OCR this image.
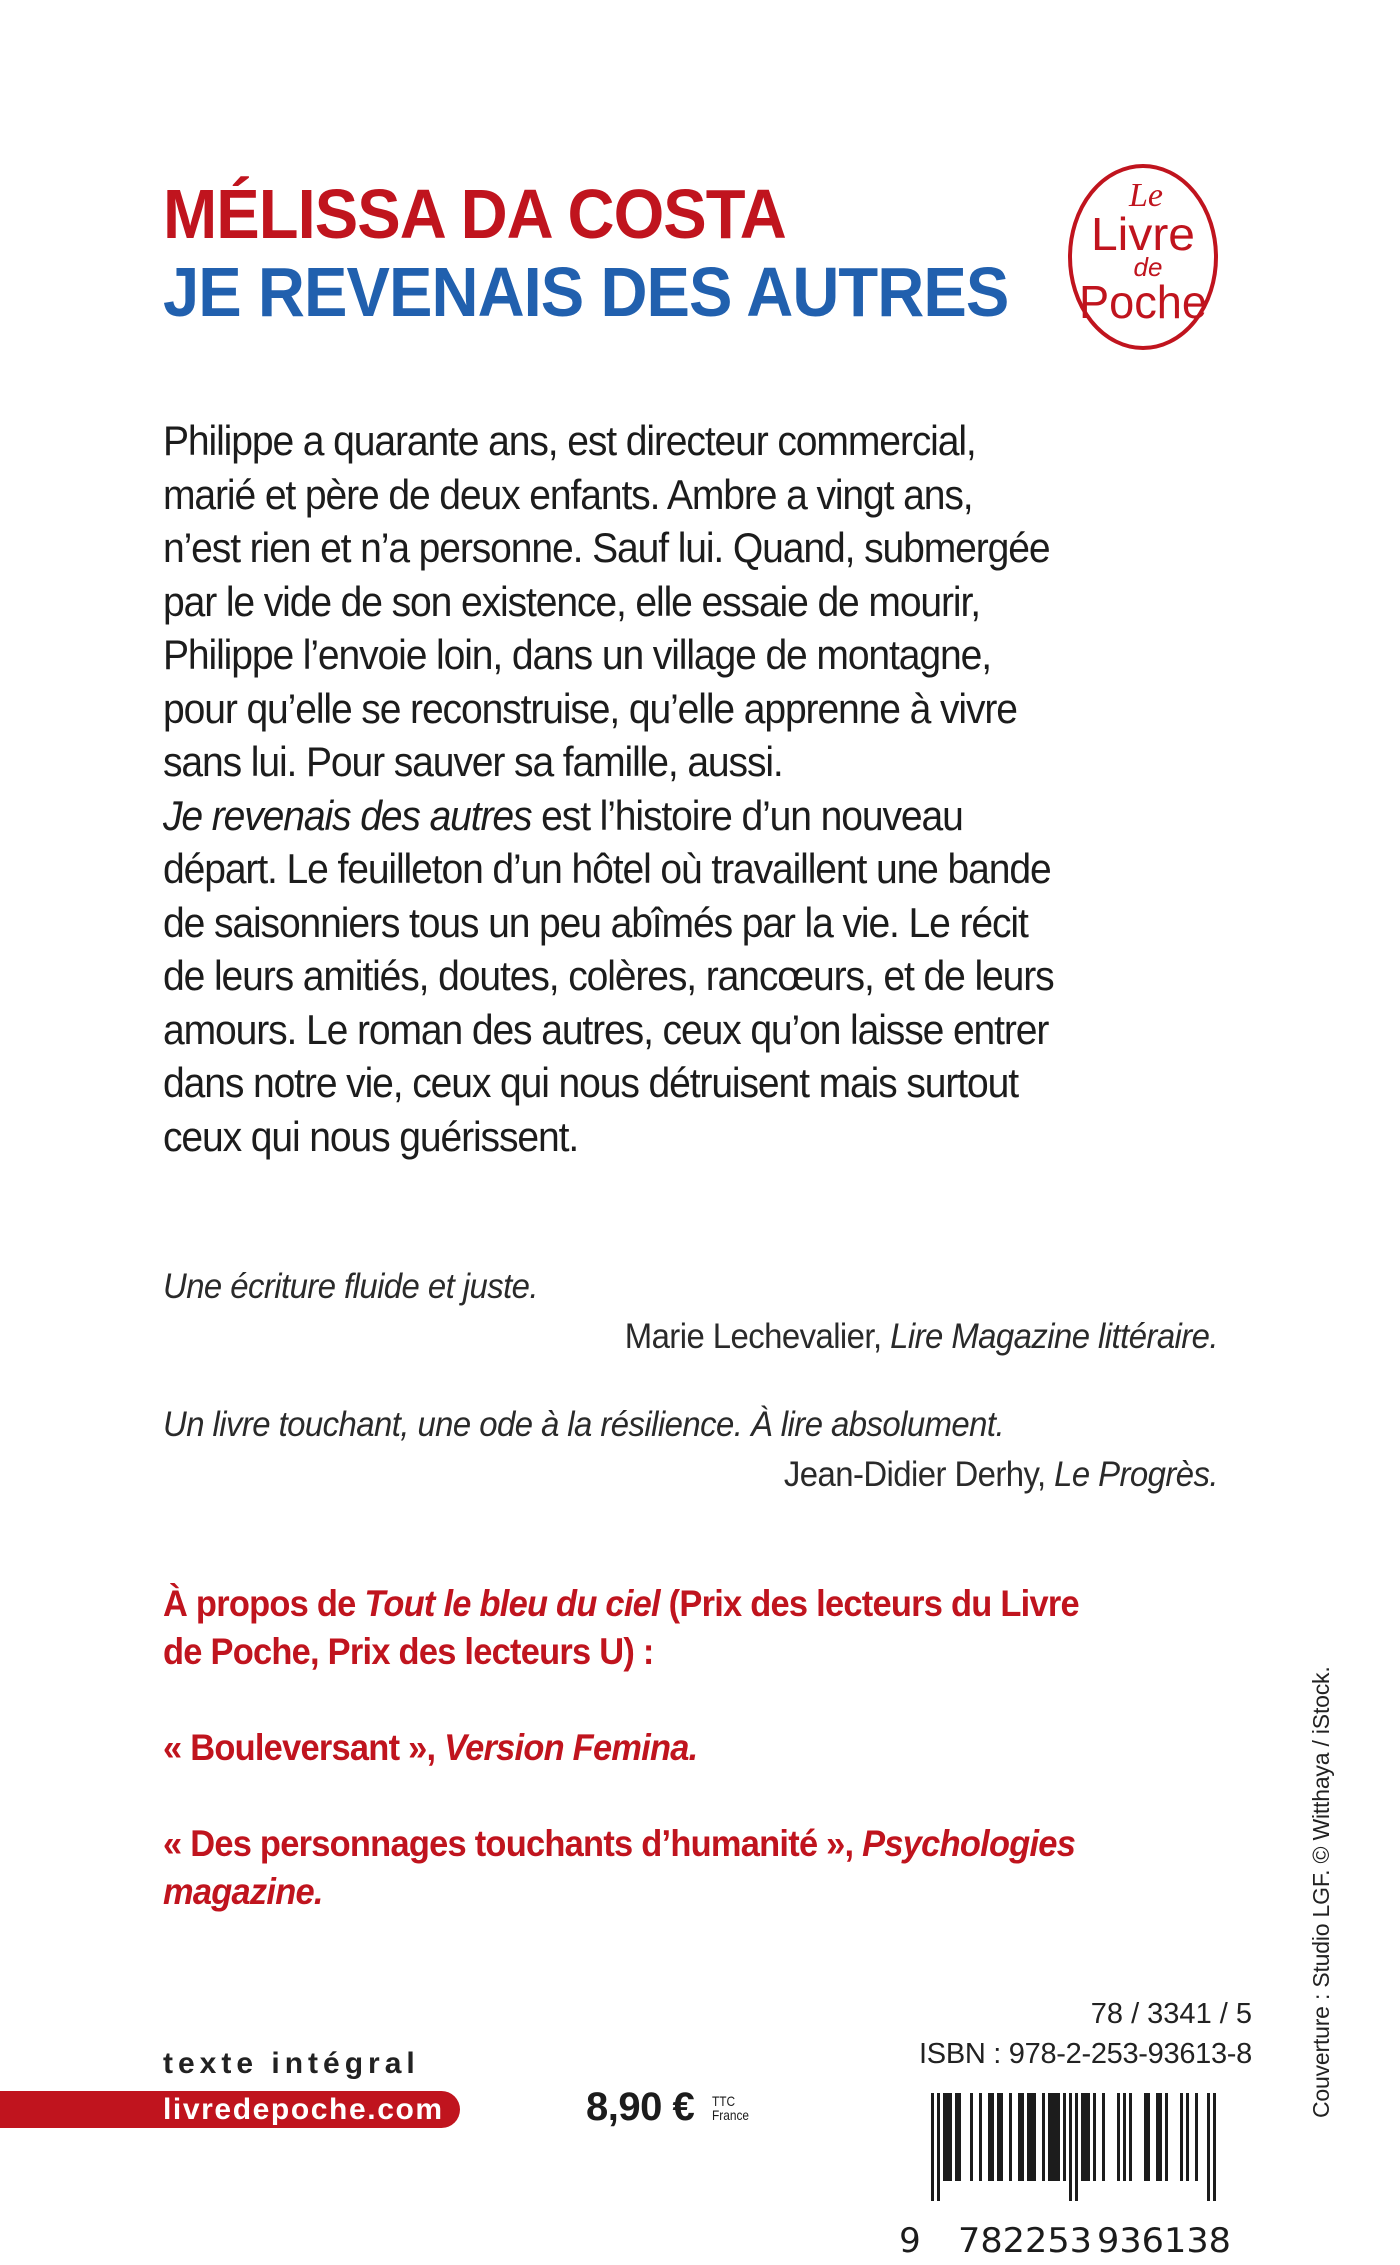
MÉLISSA DA COSTA
JE REVENAIS DES AUTRES
Le
Livre
de
Poche
Philippe a quarante ans, est directeur commercial,
marié et père de deux enfants. Ambre a vingt ans,
n’est rien et n’a personne. Sauf lui. Quand, submergée
par le vide de son existence, elle essaie de mourir,
Philippe l’envoie loin, dans un village de montagne,
pour qu’elle se reconstruise, qu’elle apprenne à vivre
sans lui. Pour sauver sa famille, aussi.
Je revenais des autres est l’histoire d’un nouveau
départ. Le feuilleton d’un hôtel où travaillent une bande
de saisonniers tous un peu abîmés par la vie. Le récit
de leurs amitiés, doutes, colères, rancœurs, et de leurs
amours. Le roman des autres, ceux qu’on laisse entrer
dans notre vie, ceux qui nous détruisent mais surtout
ceux qui nous guérissent.
Une écriture fluide et juste.
Marie Lechevalier, Lire Magazine littéraire.
Un livre touchant, une ode à la résilience. À lire absolument.
Jean-Didier Derhy, Le Progrès.
À propos de Tout le bleu du ciel (Prix des lecteurs du Livre
de Poche, Prix des lecteurs U) :
« Bouleversant », Version Femina.
« Des personnages touchants d’humanité », Psychologies
magazine.
texte intégral
livredepoche.com	8,90 € TTC
France
78 / 3341 / 5
ISBN : 978-2-253-93613-8
9 782253 936138
Couverture : Studio LGF. © Witthaya / iStock.
